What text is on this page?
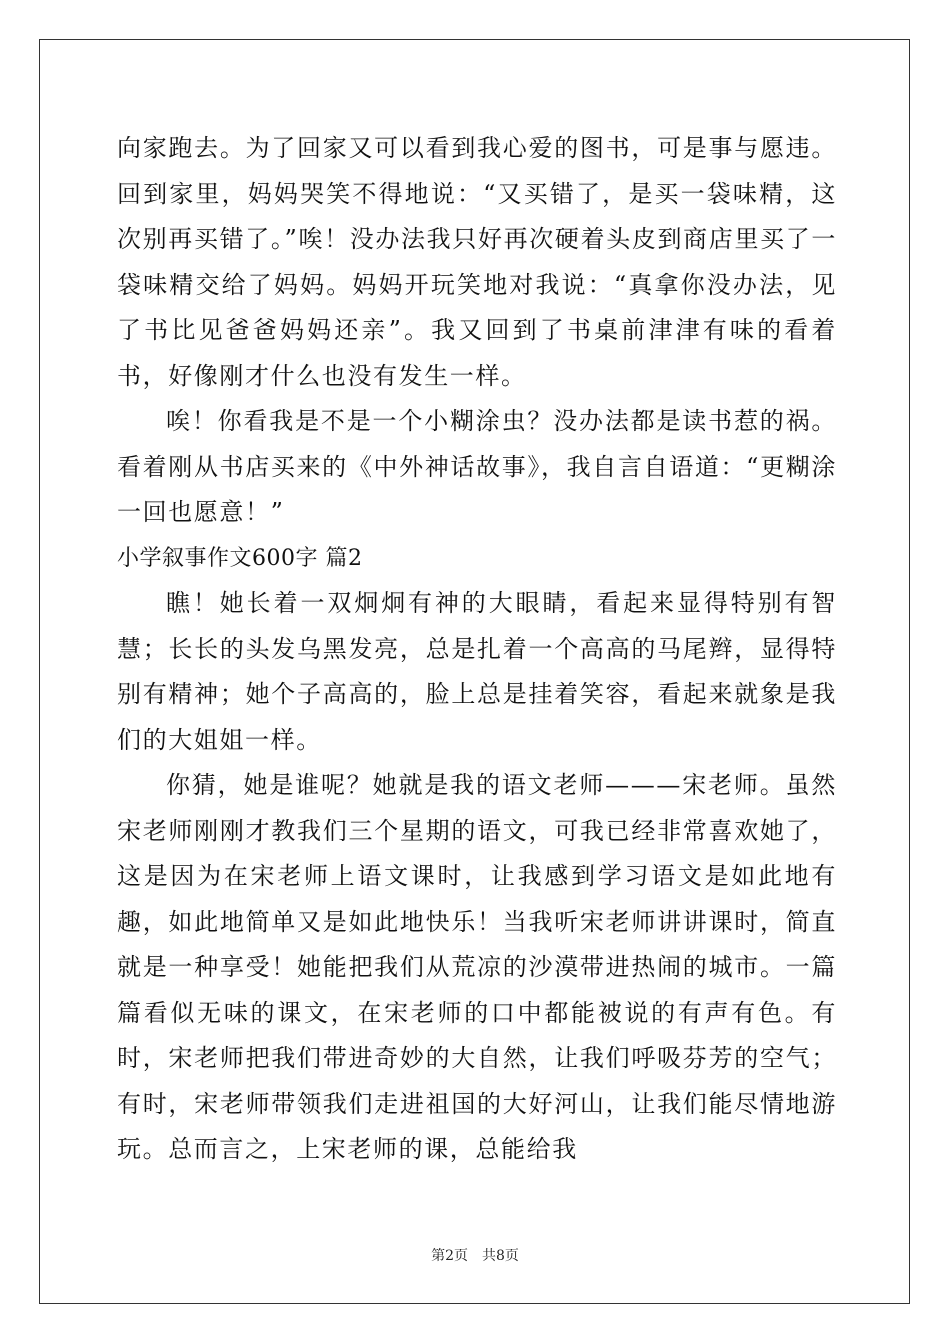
向家跑去。为了回家又可以看到我心爱的图书，可是事与愿违。回到家里，妈妈哭笑不得地说：“又买错了，是买一袋味精，这次别再买错了。”唉！没办法我只好再次硬着头皮到商店里买了一袋味精交给了妈妈。妈妈开玩笑地对我说：“真拿你没办法，见了书比见爸爸妈妈还亲”。我又回到了书桌前津津有味的看着书，好像刚才什么也没有发生一样。

唉！你看我是不是一个小糊涂虫？没办法都是读书惹的祸。看着刚从书店买来的《中外神话故事》，我自言自语道：“更糊涂一回也愿意！”

小学叙事作文600字 篇2

瞧！她长着一双炯炯有神的大眼睛，看起来显得特别有智慧；长长的头发乌黑发亮，总是扎着一个高高的马尾辫，显得特别有精神；她个子高高的，脸上总是挂着笑容，看起来就象是我们的大姐姐一样。

你猜，她是谁呢？她就是我的语文老师———宋老师。虽然宋老师刚刚才教我们三个星期的语文，可我已经非常喜欢她了，这是因为在宋老师上语文课时，让我感到学习语文是如此地有趣，如此地简单又是如此地快乐！当我听宋老师讲讲课时，简直就是一种享受！她能把我们从荒凉的沙漠带进热闹的城市。一篇篇看似无味的课文，在宋老师的口中都能被说的有声有色。有时，宋老师把我们带进奇妙的大自然，让我们呼吸芬芳的空气；有时，宋老师带领我们走进祖国的大好河山，让我们能尽情地游玩。总而言之，上宋老师的课，总能给我

第2页 共8页
